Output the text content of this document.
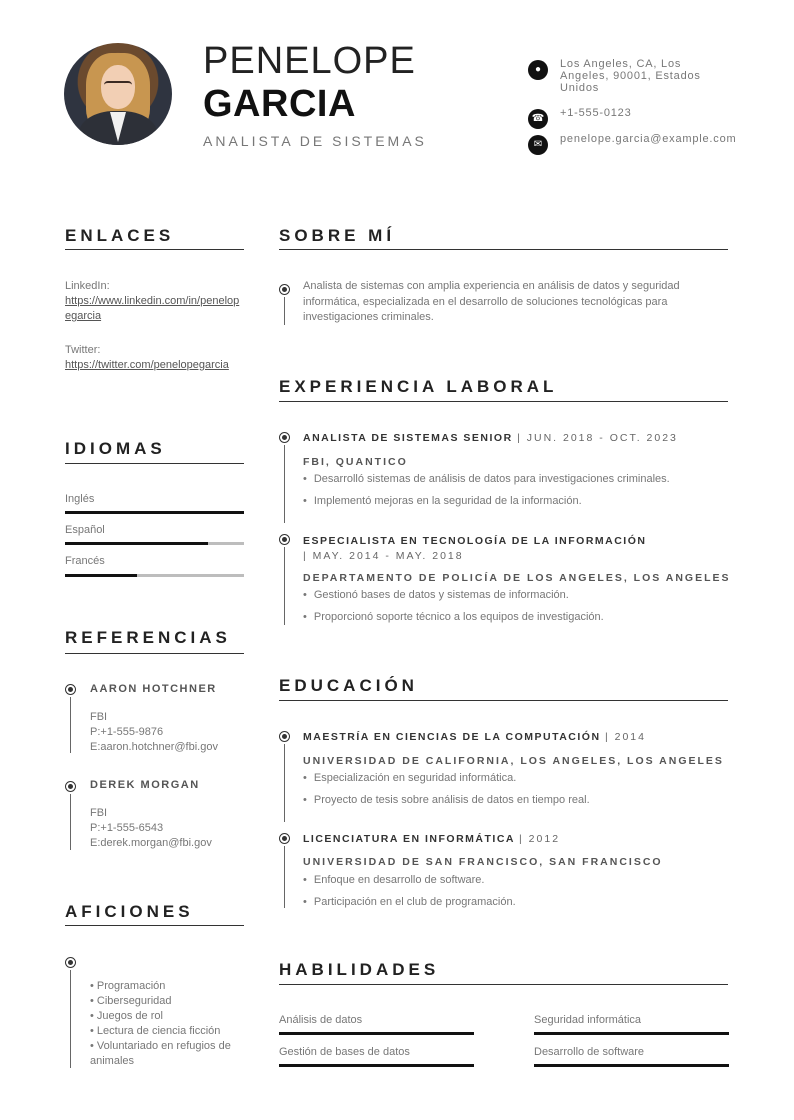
PENELOPE
GARCIA
ANALISTA DE SISTEMAS
●	Los Angeles, CA, Los Angeles, 90001, Estados Unidos
☎	+1-555-0123
✉	penelope.garcia@example.com
ENLACES
LinkedIn:
https://www.linkedin.com/in/penelopegarcia
Twitter:
https://twitter.com/penelopegarcia
IDIOMAS
Inglés
Español
Francés
REFERENCIAS
AARON HOTCHNER
FBI
P:+1-555-9876
E:aaron.hotchner@fbi.gov
DEREK MORGAN
FBI
P:+1-555-6543
E:derek.morgan@fbi.gov
AFICIONES
• Programación
• Ciberseguridad
• Juegos de rol
• Lectura de ciencia ficción
• Voluntariado en refugios de animales
SOBRE MÍ
Analista de sistemas con amplia experiencia en análisis de datos y seguridad informática, especializada en el desarrollo de soluciones tecnológicas para investigaciones criminales.
EXPERIENCIA LABORAL
ANALISTA DE SISTEMAS SENIOR | JUN. 2018 - OCT. 2023
FBI, QUANTICO
• Desarrolló sistemas de análisis de datos para investigaciones criminales.
• Implementó mejoras en la seguridad de la información.
ESPECIALISTA EN TECNOLOGÍA DE LA INFORMACIÓN
| MAY. 2014 - MAY. 2018
DEPARTAMENTO DE POLICÍA DE LOS ANGELES, LOS ANGELES
• Gestionó bases de datos y sistemas de información.
• Proporcionó soporte técnico a los equipos de investigación.
EDUCACIÓN
MAESTRÍA EN CIENCIAS DE LA COMPUTACIÓN | 2014
UNIVERSIDAD DE CALIFORNIA, LOS ANGELES, LOS ANGELES
• Especialización en seguridad informática.
• Proyecto de tesis sobre análisis de datos en tiempo real.
LICENCIATURA EN INFORMÁTICA | 2012
UNIVERSIDAD DE SAN FRANCISCO, SAN FRANCISCO
• Enfoque en desarrollo de software.
• Participación en el club de programación.
HABILIDADES
Análisis de datos	Seguridad informática
Gestión de bases de datos	Desarrollo de software
